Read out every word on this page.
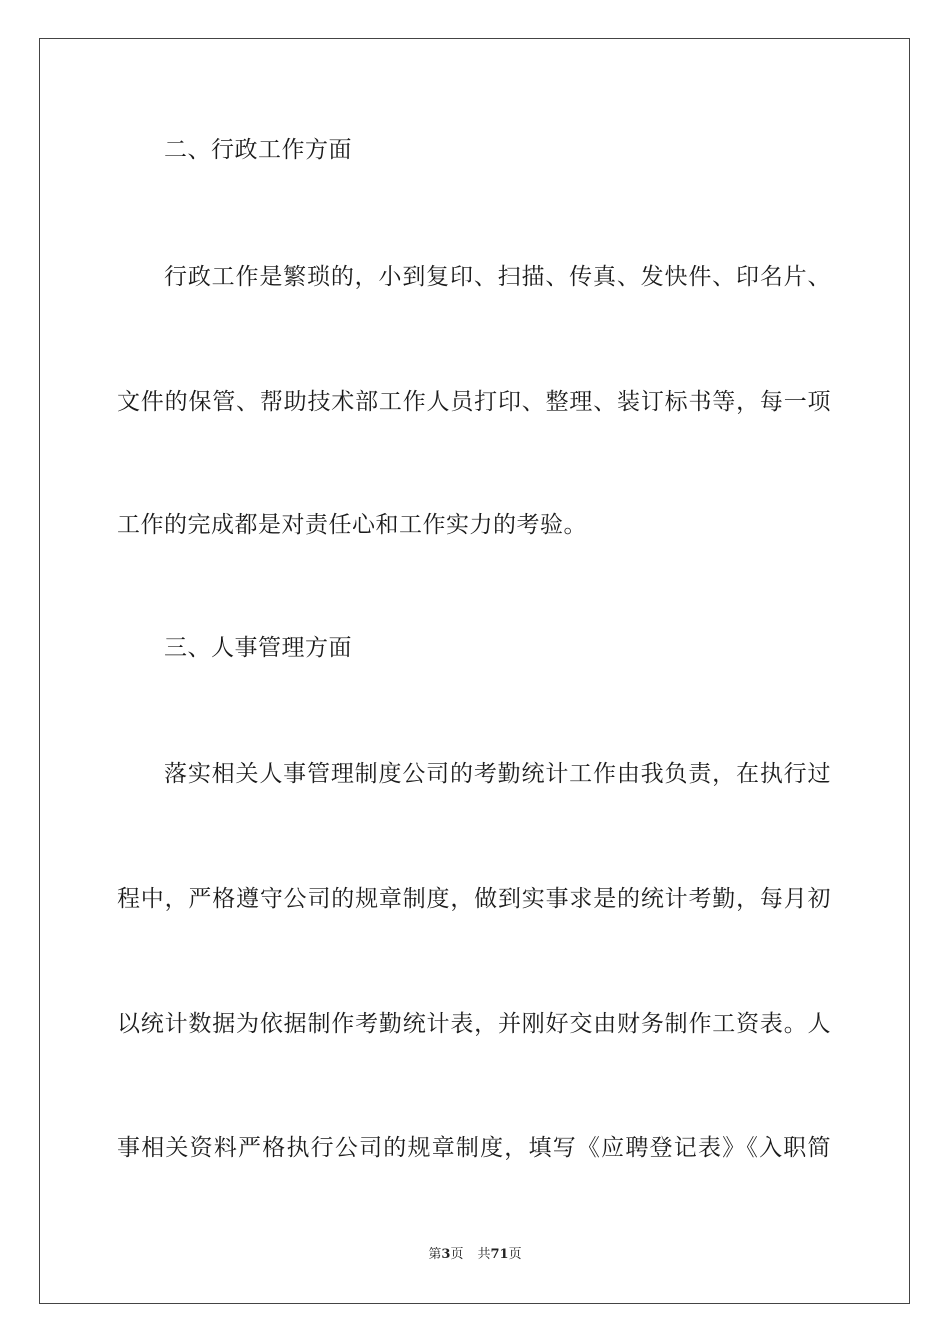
二、行政工作方面
行政工作是繁琐的，小到复印、扫描、传真、发快件、印名片、
文件的保管、帮助技术部工作人员打印、整理、装订标书等，每一项
工作的完成都是对责任心和工作实力的考验。
三、人事管理方面
落实相关人事管理制度公司的考勤统计工作由我负责，在执行过
程中，严格遵守公司的规章制度，做到实事求是的统计考勤，每月初
以统计数据为依据制作考勤统计表，并刚好交由财务制作工资表。人
事相关资料严格执行公司的规章制度，填写《应聘登记表》《入职简
第3页 共71页
